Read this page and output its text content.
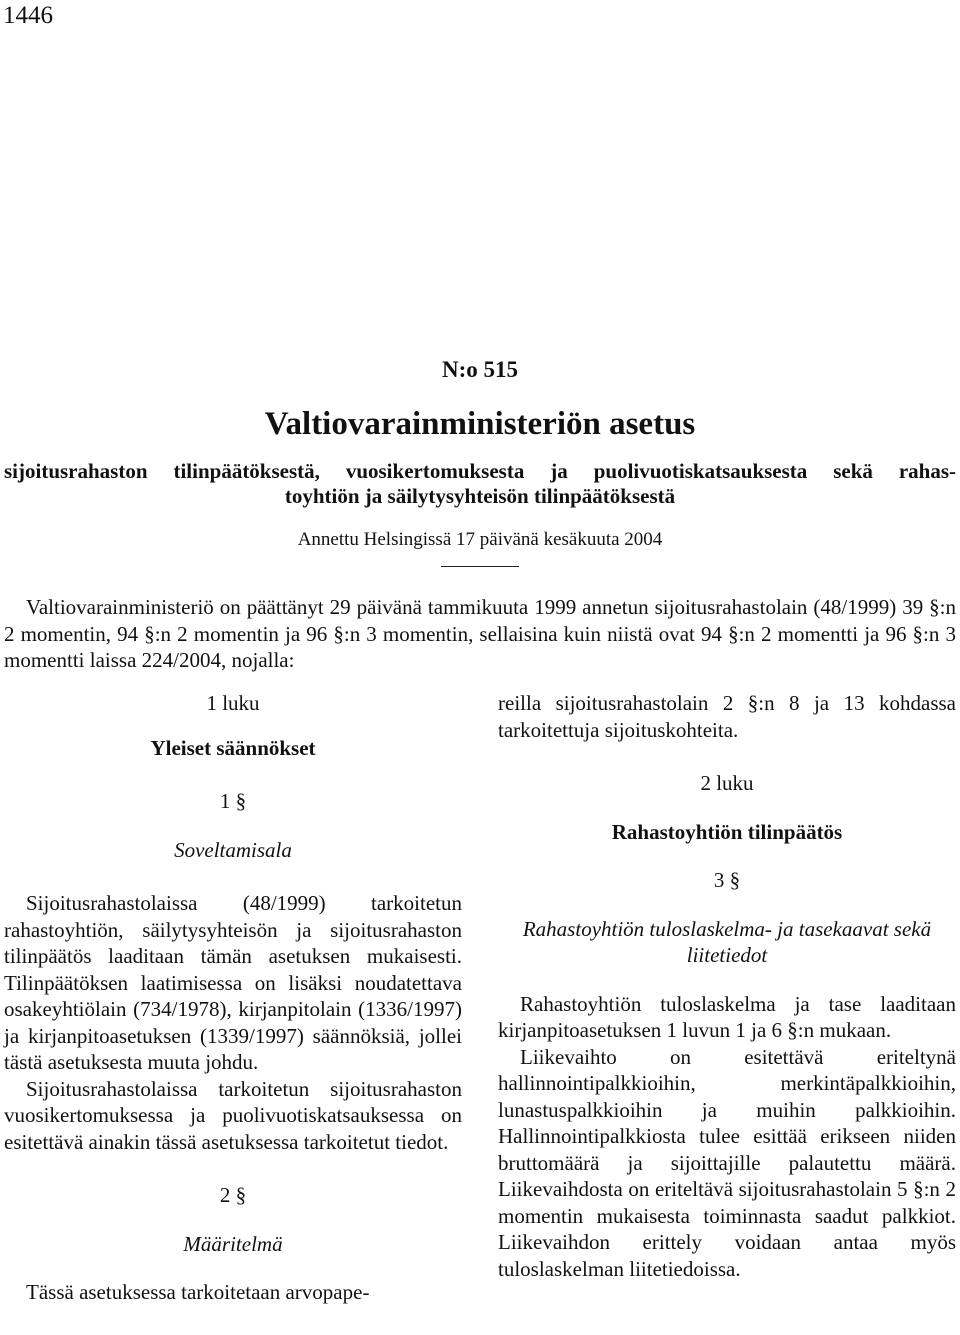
1446
N:o 515
Valtiovarainministeriön asetus
sijoitusrahaston tilinpäätöksestä, vuosikertomuksesta ja puolivuotiskatsauksesta sekä rahas-
toyhtiön ja säilytysyhteisön tilinpäätöksestä
Annettu Helsingissä 17 päivänä kesäkuuta 2004

Valtiovarainministeriö on päättänyt 29 päivänä tammikuuta 1999 annetun sijoitusrahastolain (48/1999) 39 §:n 2 momentin, 94 §:n 2 momentin ja 96 §:n 3 momentin, sellaisina kuin niistä ovat 94 §:n 2 momentti ja 96 §:n 3 momentti laissa 224/2004, nojalla:

1 luku
Yleiset säännökset
1 §
Soveltamisala

Sijoitusrahastolaissa (48/1999) tarkoitetun rahastoyhtiön, säilytysyhteisön ja sijoitusrahaston tilinpäätös laaditaan tämän asetuksen mukaisesti. Tilinpäätöksen laatimisessa on lisäksi noudatettava osakeyhtiölain (734/1978), kirjanpitolain (1336/1997) ja kirjanpitoasetuksen (1339/1997) säännöksiä, jollei tästä asetuksesta muuta johdu.

Sijoitusrahastolaissa tarkoitetun sijoitusrahaston vuosikertomuksessa ja puolivuotiskatsauksessa on esitettävä ainakin tässä asetuksessa tarkoitetut tiedot.

2 §
Määritelmä

Tässä asetuksessa tarkoitetaan arvopape-

reilla sijoitusrahastolain 2 §:n 8 ja 13 kohdassa tarkoitettuja sijoituskohteita.

2 luku
Rahastoyhtiön tilinpäätös
3 §
Rahastoyhtiön tuloslaskelma- ja tasekaavat sekä liitetiedot

Rahastoyhtiön tuloslaskelma ja tase laaditaan kirjanpitoasetuksen 1 luvun 1 ja 6 §:n mukaan.

Liikevaihto on esitettävä eriteltynä hallinnointipalkkioihin, merkintäpalkkioihin, lunastuspalkkioihin ja muihin palkkioihin. Hallinnointipalkkiosta tulee esittää erikseen niiden bruttomäärä ja sijoittajille palautettu määrä. Liikevaihdosta on eriteltävä sijoitusrahastolain 5 §:n 2 momentin mukaisesta toiminnasta saadut palkkiot. Liikevaihdon erittely voidaan antaa myös tuloslaskelman liitetiedoissa.
